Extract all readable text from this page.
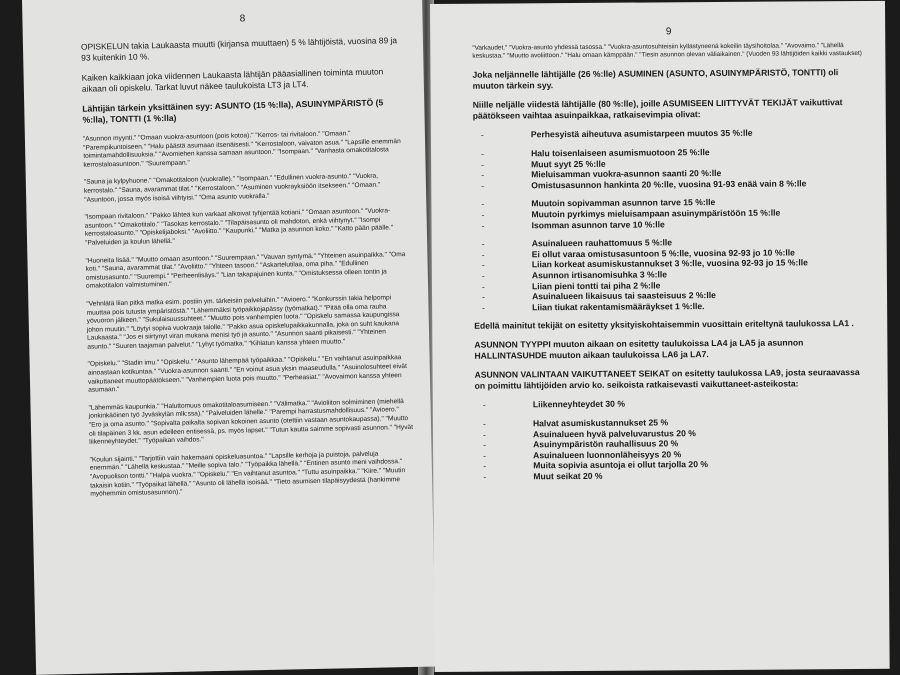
8

OPISKELUN takia Laukaasta muutti (kirjansa muuttaen) 5 % lähtijöistä, vuosina 89 ja 93 kuitenkin 10 %.

Kaiken kaikkiaan joka viidennen Laukaasta lähtijän pääasiallinen toiminta muuton aikaan oli opiskelu. Tarkat luvut näkee taulukoista LT3 ja LT4.

Lähtijän tärkein yksittäinen syy: ASUNTO (15 %:lla), ASUINYMPÄRISTÖ (5 %:lla), TONTTI (1 %:lla)

"Asunnon myynti." "Omaan vuokra-asuntoon (pois kotoa)." "Kerros- tai rivitaloon." "Omaan." "Parempikuntoiseen." "Halu päästä asumaan itsenäisesti." "Kerrostaloon, vaivaton asua." "Lapsille enemmän toimintamahdollisuuksia." "Avomiehen kanssa samaan asuntoon." "Isompaan." "Vanhasta omakotitalosta kerrostaloasuntoon." "Suurempaan."

"Sauna ja kylpyhuone." "Omakotitaloon (vuokralle)." "Isompaan." "Edullinen vuokra-asunto." "Vuokra, kerrostalo." "Sauna, avarammat tilat." "Kerrostaloon." "Asuminen vuokrayksiöön itsekseen." "Omaan." "Asuntoon, jossa myös isoisä viihtyisi." "Oma asunto vuokralla."

"Isompaan rivitaloon." "Pakko lähteä kun varkaat alkoivat tyhjentää kotiani." "Omaan asuntoon." "Vuokra-asuntoon." "Omakotitalo." "Tasokas kerrostalo." "Tilapäisasunto oli mahdoton, enkä viihtynyt." "Isompi kerrostaloasunto." "Opiskelijaboksi." "Avoliitto." "Kaupunki." "Matka ja asunnon koko." "Katto pään päälle." "Palveluiden ja koulun lähellä."

"Huoneita lisää." "Muutto omaan asuntoon." "Suurempaan." "Vauvan syntymä." "Yhteinen asuinpaikka." "Oma koti." "Sauna, avarammat tilat." "Avoliitto." "Yhteen tasoon." "Askartelutilaa, oma piha." "Edullinen omistusasunto." "Suurempi." "Perheenlisäys." "Lian takapajuinen kunta." "Omistuksessa olleen tontin ja omakotitalon valmistuminen."

"Vehnlätä liian pitkä matka esim. postiin ym. tärkeisiin palveluihin." "Avioero." "Konkurssin takia helpompi muuttaa pois tutusta ympäristöstä." "Lähemmäksi työpaikkojapässy (työmatkat)." "Pitää olla oma rauha yövuoron jälkeen." "Sukulaisuussuhteet." "Muutto pois vanhempien luota." "Opiskelu samassa kaupungissa johon muutin." "Löytyi sopiva vuokraaja talolle." "Pakko asua opiskelupaikkakunnalla, joka on suht kaukana Laukaasta." "Jos ei siirtynyt viran mukana menisi työ ja asunto." "Asunnon saanti pikaisesti." "Yhteinen asunto." "Suuren taajaman palvelut." "Lyhyt työmatka." "Kihlatun kanssa yhteen muutto."

"Opiskelu." "Stadin imu." "Opiskelu." "Asunto lähempää työpaikkaa." "Opiskelu." "En vaihtanut asuinpaikkaa ainoastaan kotikuntaa." "Vuokra-asunnon saanti." "En voinut asua yksin maaseudulla." "Asuinolosuhteet eivät vaikuttaneet muuttopäätökseen." "Vanhempien luota pois muutto." "Perheasiat." "Avovaimon kanssa yhteen asumaan."

"Lähemmäs kaupunkia." "Haluttomuus omakotitaloasumiseen." "Välimatka." "Avioliiton solmiminen (miehellä jonkinkäöinen työ Jyväskylän mlk:ssa)." "Palveluiden lähelle." "Parempi harrastusmahdollisuus." "Avioero." "Ero ja oma asunto." "Sopivalta paikalta sopivan kokoinen asunto (otettiin vastaan asuntokaupassa)." "Muutto oli tilapäinen 3 kk. asun edelleen entisessä, ps. myös lapset." "Tutun kautta saimme sopivasti asunnon." "Hyvät liikenneyhteydet." "Työpaikan vaihdos."

"Koulun sijainti." "Tarjottiin vain hakemaani opiskeluasuntoa." "Lapsille kerhoja ja puistoja, palveluja enemmän." "Lähellä keskustaa." "Meille sopiva talo." "Työpaikka lähellä." "Entinen asunto meni vaihdossa." "Avopuolison tontti." "Halpa vuokra." "Opiskelu." "En vaihtanut asuntoa." "Tuttu asuinpaikka." "Kiire." "Muutin takaisin kotiin." "Työpaikat lähellä." "Asunto oli lähellä isoisää." "Tieto asumisen tilapäisyydestä (hankimme myöhemmin omistusasunnon)."

9

"Varkaudet." "Vuokra-asunto yhdessä tasossa." "Vuokra-asuntosuhteisiin kyllästyneenä kokeilin täysihoitolaa." "Avovaimo." "Lähellä keskustaa." "Muutto avoliittoon." "Halu omaan kämppään." "Tiesin asunnon olevan väliaikainen." (Vuoden 93 lähtijöiden kaikki vastaukset)

Joka neljännelle lähtijälle (26 %:lle) ASUMINEN (ASUNTO, ASUINYMPÄRISTÖ, TONTTI) oli muuton tärkein syy.

Niille neljälle viidestä lähtijälle (80 %:lle), joille ASUMISEEN LIITTYVÄT TEKIJÄT vaikuttivat päätökseen vaihtaa asuinpaikkaa, ratkaisevimpia olivat:

-	Perhesyistä aiheutuva asumistarpeen muutos 35 %:lle
-	Halu toisenlaiseen asumismuotoon 25 %:lle
-	Muut syyt 25 %:lle
-	Mieluisamman vuokra-asunnon saanti 20 %:lle
-	Omistusasunnon hankinta 20 %:lle, vuosina 91-93 enää vain 8 %:lle
-	Muutoin sopivamman asunnon tarve 15 %:lle
-	Muutoin pyrkimys mieluisampaan asuinympäristöön 15 %:lle
-	Isomman asunnon tarve 10 %:lle
-	Asuinalueen rauhattomuus 5 %:lle
-	Ei ollut varaa omistusasuntoon 5 %:lle, vuosina 92-93 jo 10 %:lle
-	Liian korkeat asumiskustannukset 3 %:lle, vuosina 92-93 jo 15 %:lle
-	Asunnon irtisanomisuhka 3 %:lle
-	Liian pieni tontti tai piha 2 %:lle
-	Asuinalueen likaisuus tai saasteisuus 2 %:lle
-	Liian tiukat rakentamismääräykset 1 %:lle.

Edellä mainitut tekijät on esitetty yksityiskohtaisemmin vuosittain eriteltynä taulukossa LA1 .

ASUNNON TYYPPI muuton aikaan on esitetty taulukoissa LA4 ja LA5 ja asunnon HALLINTASUHDE muuton aikaan taulukoissa LA6 ja LA7.

ASUNNON VALINTAAN VAIKUTTANEET SEIKAT on esitetty taulukossa LA9, josta seuraavassa on poimittu lähtijöiden arvio ko. seikoista ratkaisevasti vaikuttaneet-asteikosta:

-	Liikenneyhteydet 30 %
-	Halvat asumiskustannukset 25 %
-	Asuinalueen hyvä palveluvarustus 20 %
-	Asuinympäristön rauhallisuus 20 %
-	Asuinalueen luonnonläheisyys 20 %
-	Muita sopivia asuntoja ei ollut tarjolla 20 %
-	Muut seikat 20 %
